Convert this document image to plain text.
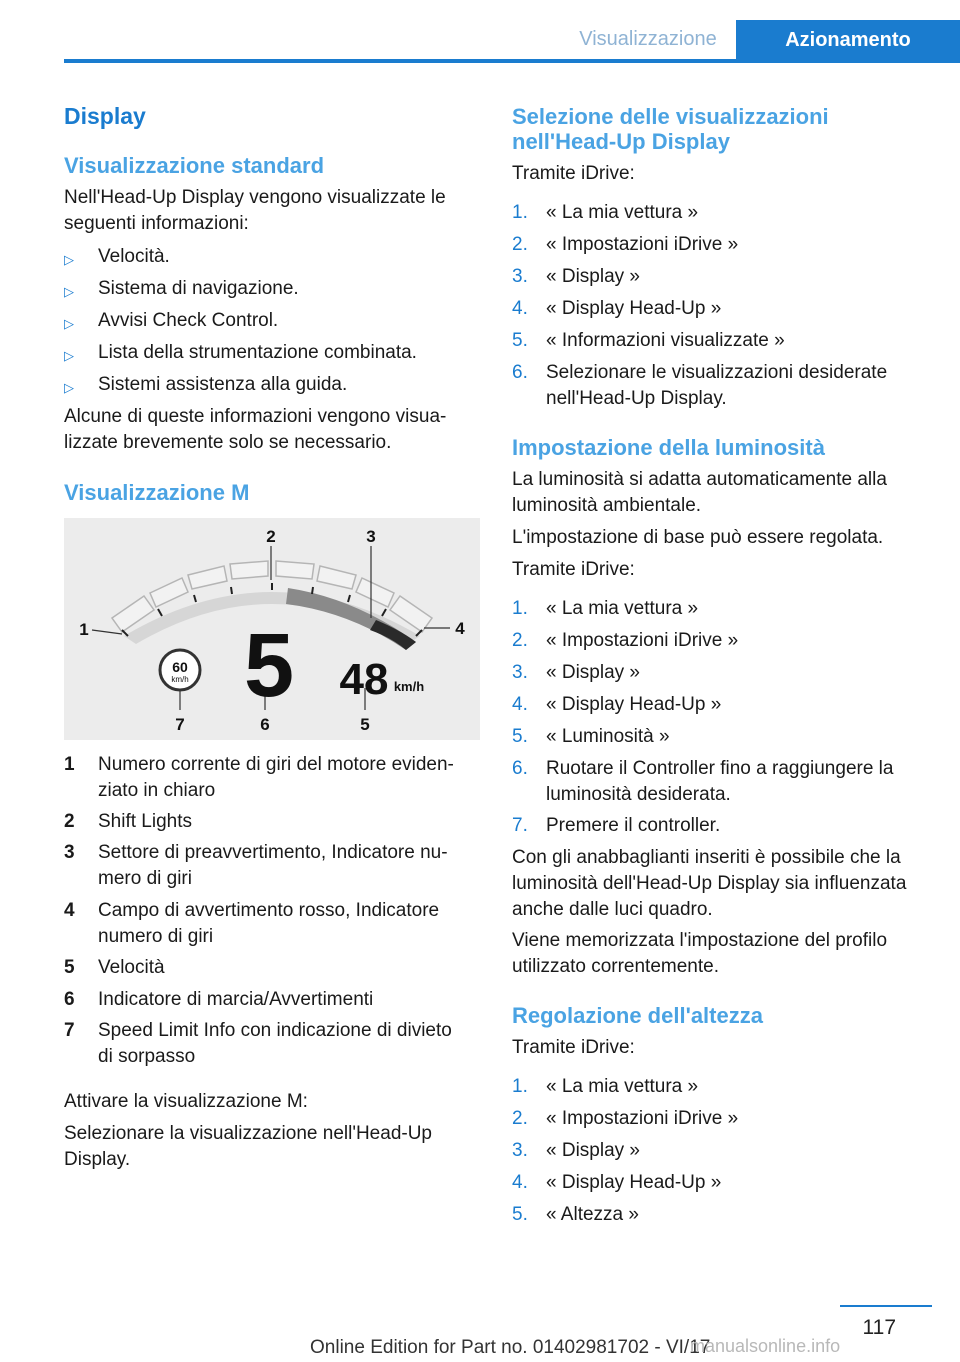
Visualizzazione	Azionamento
Display
Visualizzazione standard
Nell'Head-Up Display vengono visualizzate le
seguenti informazioni:
▷ Velocità.
▷ Sistema di navigazione.
▷ Avvisi Check Control.
▷ Lista della strumentazione combinata.
▷ Sistemi assistenza alla guida.
Alcune di queste informazioni vengono visua-
lizzate brevemente solo se necessario.
Visualizzazione M
60
km/h 5 48 km/h
1
2	3
4
5
6
7
1 Numero corrente di giri del motore eviden-
ziato in chiaro
2 Shift Lights
3 Settore di preavvertimento, Indicatore nu-
mero di giri
4 Campo di avvertimento rosso, Indicatore
numero di giri
5 Velocità
6 Indicatore di marcia/Avvertimenti
7 Speed Limit Info con indicazione di divieto
di sorpasso
Attivare la visualizzazione M:
Selezionare la visualizzazione nell'Head-Up
Display.
Selezione delle visualizzazioni
nell'Head-Up Display
Tramite iDrive:
1. « La mia vettura »
2. « Impostazioni iDrive »
3. « Display »
4. « Display Head-Up »
5. « Informazioni visualizzate »
6. Selezionare le visualizzazioni desiderate
nell'Head-Up Display.
Impostazione della luminosità
La luminosità si adatta automaticamente alla
luminosità ambientale.
L'impostazione di base può essere regolata.
Tramite iDrive:
1. « La mia vettura »
2. « Impostazioni iDrive »
3. « Display »
4. « Display Head-Up »
5. « Luminosità »
6. Ruotare il Controller fino a raggiungere la
luminosità desiderata.
7. Premere il controller.
Con gli anabbaglianti inseriti è possibile che la
luminosità dell'Head-Up Display sia influenzata
anche dalle luci quadro.
Viene memorizzata l'impostazione del profilo
utilizzato correntemente.
Regolazione dell'altezza
Tramite iDrive:
1. « La mia vettura »
2. « Impostazioni iDrive »
3. « Display »
4. « Display Head-Up »
5. « Altezza »
117
Online Edition for Part no. 01402981702 - VI/17
manualsonline.info
